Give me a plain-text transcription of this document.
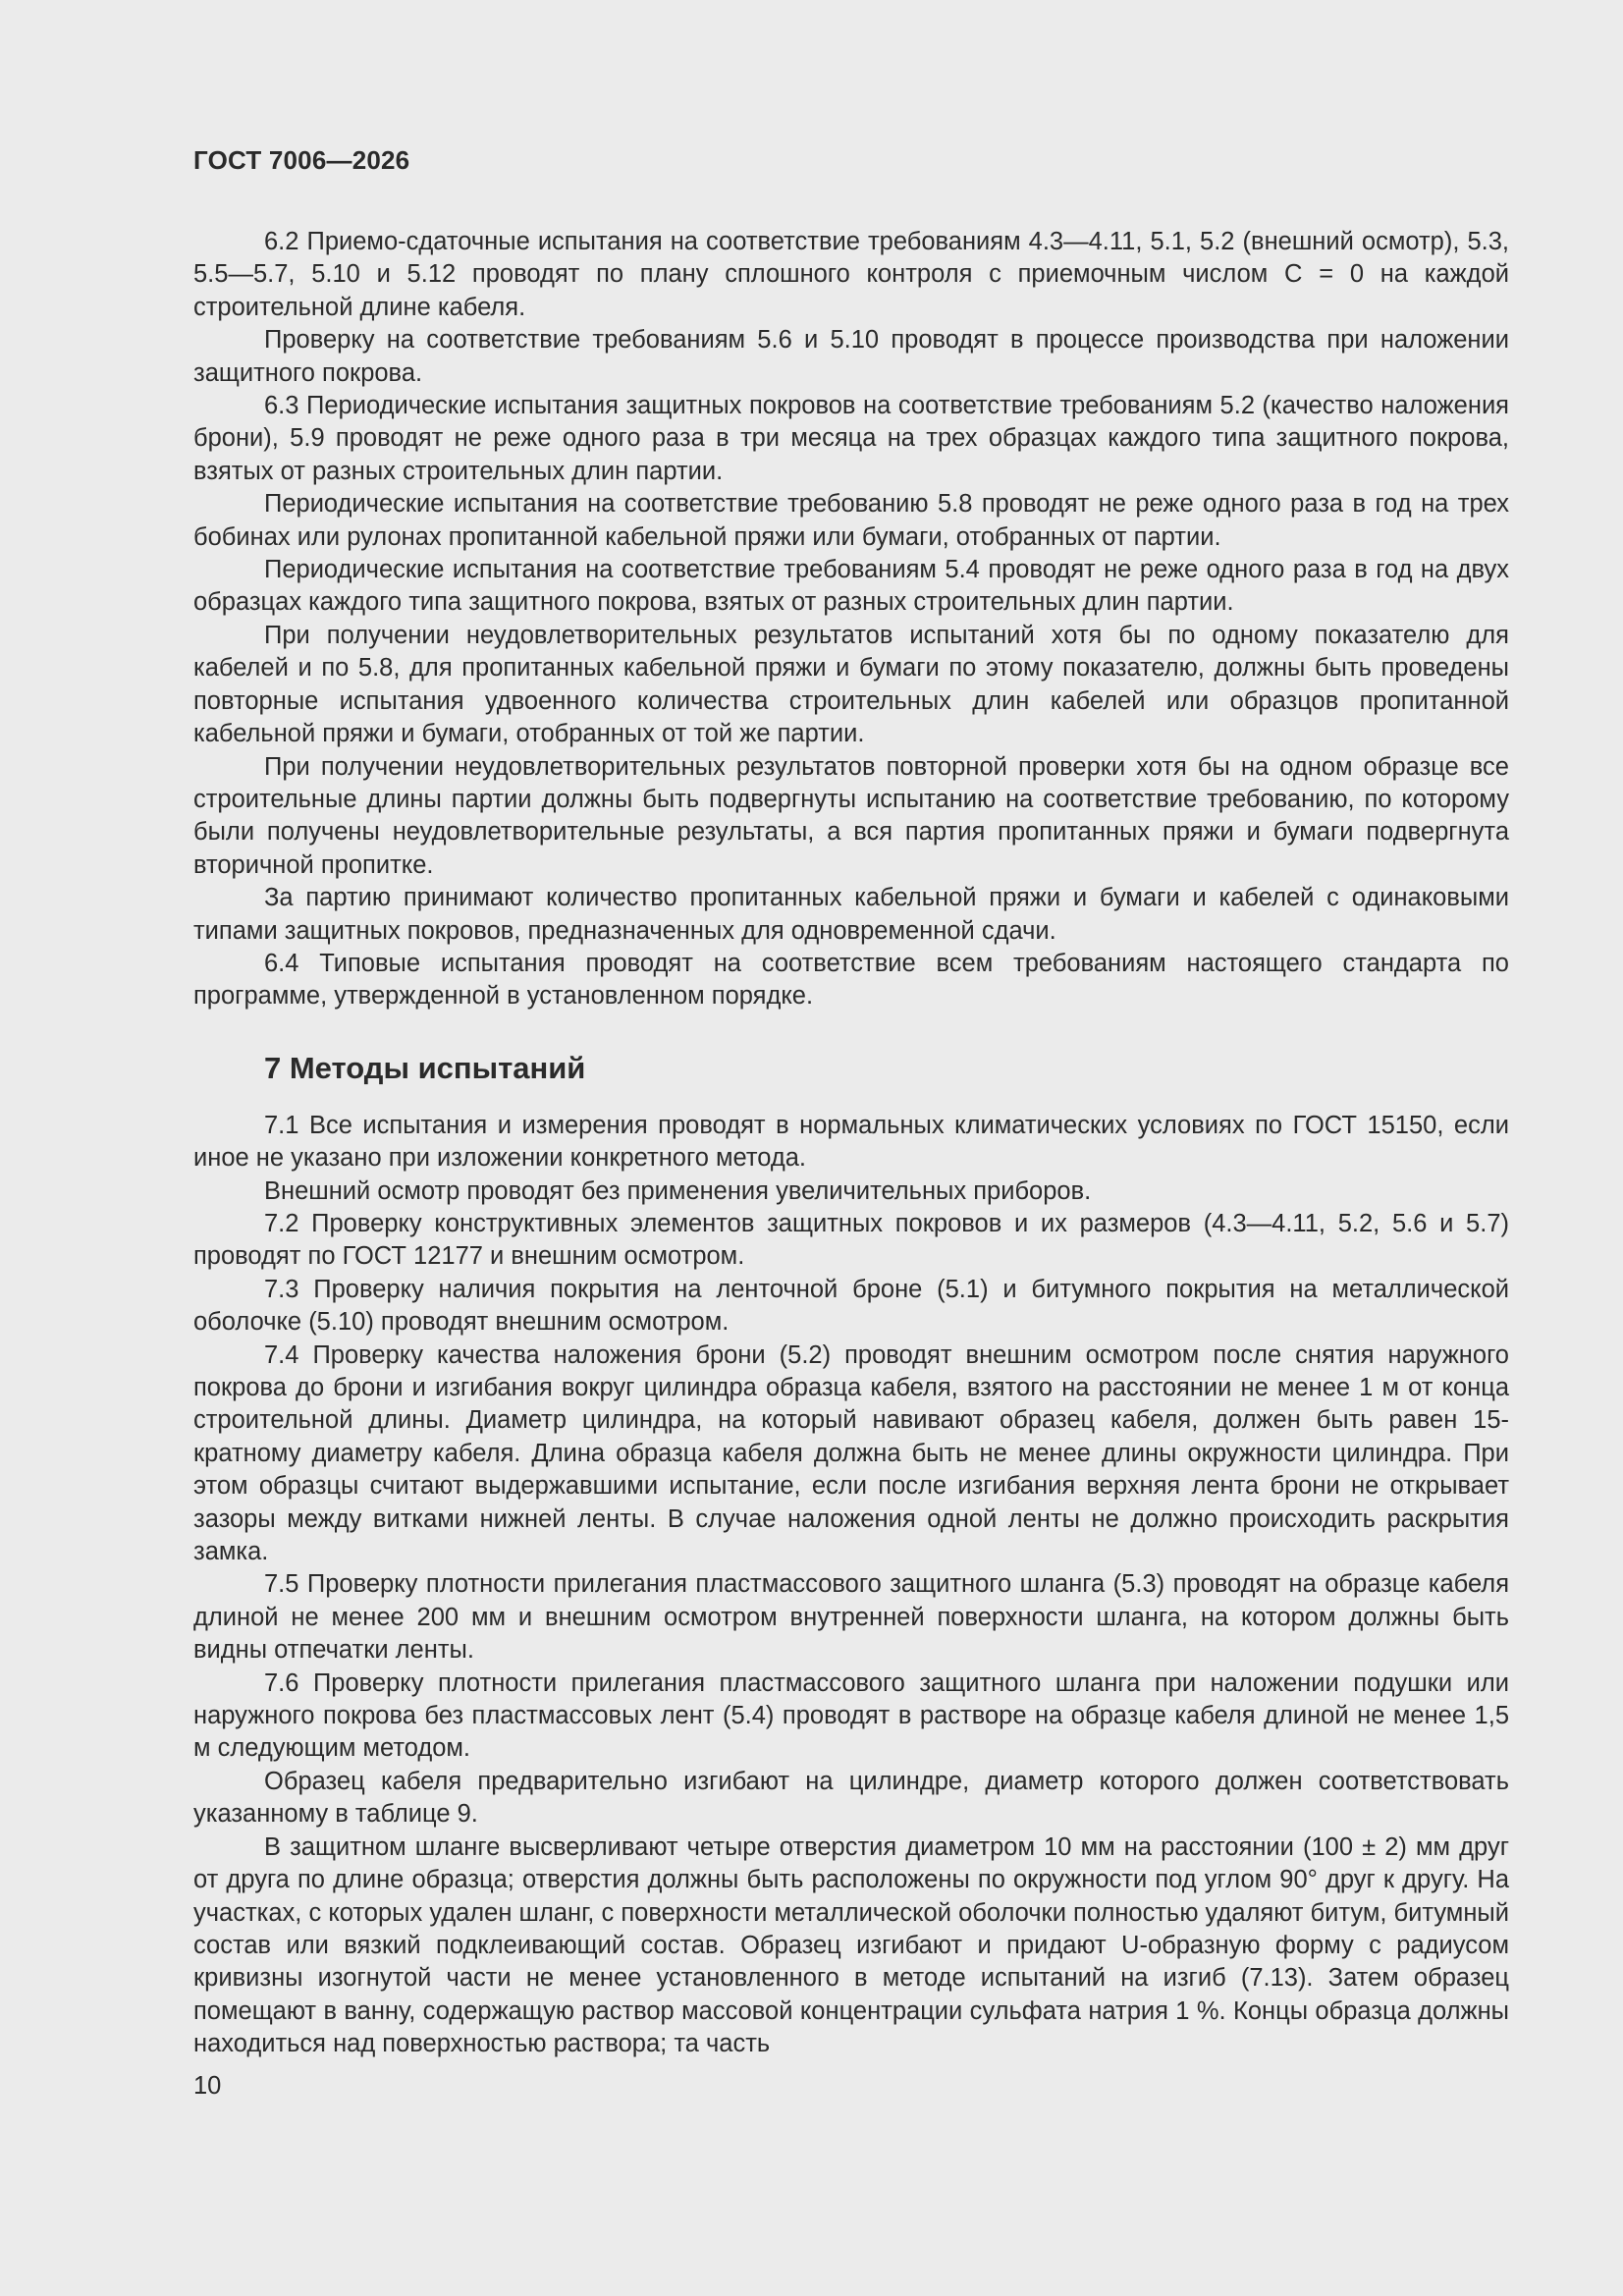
ГОСТ 7006—2026

6.2 Приемо-сдаточные испытания на соответствие требованиям 4.3—4.11, 5.1, 5.2 (внешний осмотр), 5.3, 5.5—5.7, 5.10 и 5.12 проводят по плану сплошного контроля с приемочным числом С = 0 на каждой строительной длине кабеля.

Проверку на соответствие требованиям 5.6 и 5.10 проводят в процессе производства при наложении защитного покрова.

6.3 Периодические испытания защитных покровов на соответствие требованиям 5.2 (качество наложения брони), 5.9 проводят не реже одного раза в три месяца на трех образцах каждого типа защитного покрова, взятых от разных строительных длин партии.

Периодические испытания на соответствие требованию 5.8 проводят не реже одного раза в год на трех бобинах или рулонах пропитанной кабельной пряжи или бумаги, отобранных от партии.

Периодические испытания на соответствие требованиям 5.4 проводят не реже одного раза в год на двух образцах каждого типа защитного покрова, взятых от разных строительных длин партии.

При получении неудовлетворительных результатов испытаний хотя бы по одному показателю для кабелей и по 5.8, для пропитанных кабельной пряжи и бумаги по этому показателю, должны быть проведены повторные испытания удвоенного количества строительных длин кабелей или образцов пропитанной кабельной пряжи и бумаги, отобранных от той же партии.

При получении неудовлетворительных результатов повторной проверки хотя бы на одном образце все строительные длины партии должны быть подвергнуты испытанию на соответствие требованию, по которому были получены неудовлетворительные результаты, а вся партия пропитанных пряжи и бумаги подвергнута вторичной пропитке.

За партию принимают количество пропитанных кабельной пряжи и бумаги и кабелей с одинаковыми типами защитных покровов, предназначенных для одновременной сдачи.

6.4 Типовые испытания проводят на соответствие всем требованиям настоящего стандарта по программе, утвержденной в установленном порядке.

7 Методы испытаний

7.1 Все испытания и измерения проводят в нормальных климатических условиях по ГОСТ 15150, если иное не указано при изложении конкретного метода.

Внешний осмотр проводят без применения увеличительных приборов.

7.2 Проверку конструктивных элементов защитных покровов и их размеров (4.3—4.11, 5.2, 5.6 и 5.7) проводят по ГОСТ 12177 и внешним осмотром.

7.3 Проверку наличия покрытия на ленточной броне (5.1) и битумного покрытия на металлической оболочке (5.10) проводят внешним осмотром.

7.4 Проверку качества наложения брони (5.2) проводят внешним осмотром после снятия наружного покрова до брони и изгибания вокруг цилиндра образца кабеля, взятого на расстоянии не менее 1 м от конца строительной длины. Диаметр цилиндра, на который навивают образец кабеля, должен быть равен 15-кратному диаметру кабеля. Длина образца кабеля должна быть не менее длины окружности цилиндра. При этом образцы считают выдержавшими испытание, если после изгибания верхняя лента брони не открывает зазоры между витками нижней ленты. В случае наложения одной ленты не должно происходить раскрытия замка.

7.5 Проверку плотности прилегания пластмассового защитного шланга (5.3) проводят на образце кабеля длиной не менее 200 мм и внешним осмотром внутренней поверхности шланга, на котором должны быть видны отпечатки ленты.

7.6 Проверку плотности прилегания пластмассового защитного шланга при наложении подушки или наружного покрова без пластмассовых лент (5.4) проводят в растворе на образце кабеля длиной не менее 1,5 м следующим методом.

Образец кабеля предварительно изгибают на цилиндре, диаметр которого должен соответствовать указанному в таблице 9.

В защитном шланге высверливают четыре отверстия диаметром 10 мм на расстоянии (100 ± 2) мм друг от друга по длине образца; отверстия должны быть расположены по окружности под углом 90° друг к другу. На участках, с которых удален шланг, с поверхности металлической оболочки полностью удаляют битум, битумный состав или вязкий подклеивающий состав. Образец изгибают и придают U-образную форму с радиусом кривизны изогнутой части не менее установленного в методе испытаний на изгиб (7.13). Затем образец помещают в ванну, содержащую раствор массовой концентрации сульфата натрия 1 %. Концы образца должны находиться над поверхностью раствора; та часть

10
